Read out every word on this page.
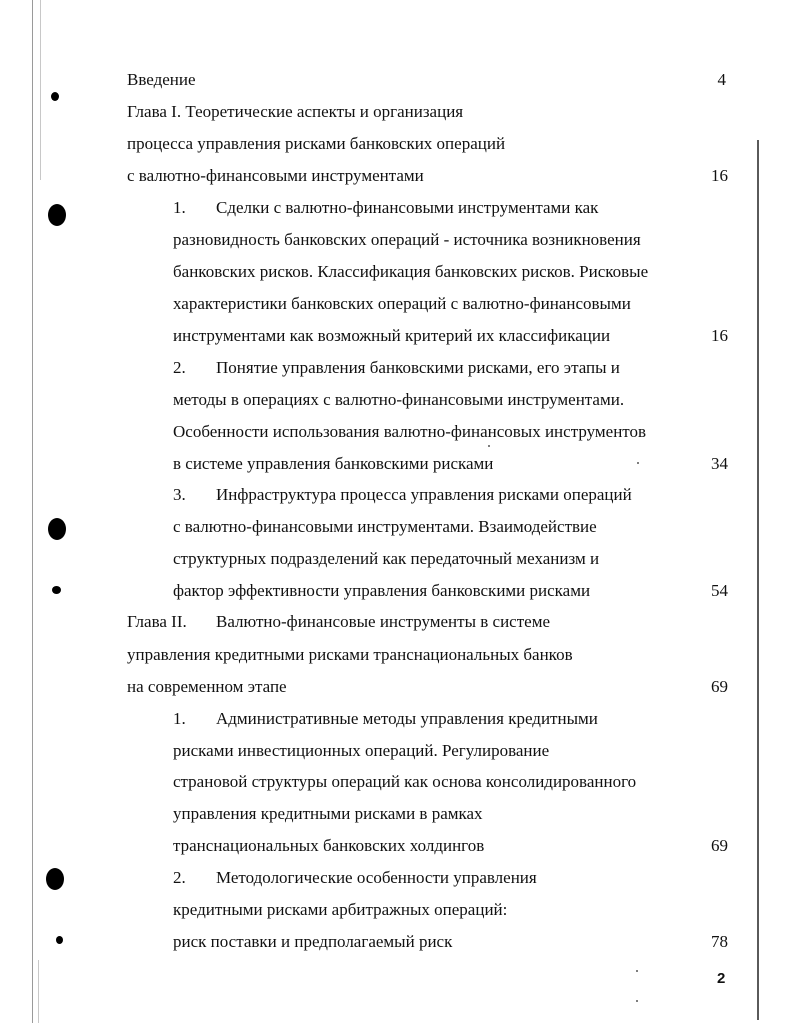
Введение	4
Глава I. Теоретические аспекты и организация
процесса управления рисками банковских операций
с валютно-финансовыми инструментами	16
1. Сделки с валютно-финансовыми инструментами как
разновидность банковских операций - источника возникновения
банковских рисков. Классификация банковских рисков. Рисковые
характеристики банковских операций с валютно-финансовыми
инструментами как возможный критерий их классификации	16
2. Понятие управления банковскими рисками, его этапы и
методы в операциях с валютно-финансовыми инструментами.
Особенности использования валютно-финансовых инструментов
в системе управления банковскими рисками	34
3. Инфраструктура процесса управления рисками операций
с валютно-финансовыми инструментами. Взаимодействие
структурных подразделений как передаточный механизм и
фактор эффективности управления банковскими рисками	54
Глава II. Валютно-финансовые инструменты в системе
управления кредитными рисками транснациональных банков
на современном этапе	69
1. Административные методы управления кредитными
рисками инвестиционных операций. Регулирование
страновой структуры операций как основа консолидированного
управления кредитными рисками в рамках
транснациональных банковских холдингов	69
2. Методологические особенности управления
кредитными рисками арбитражных операций:
риск поставки и предполагаемый риск	78
2
